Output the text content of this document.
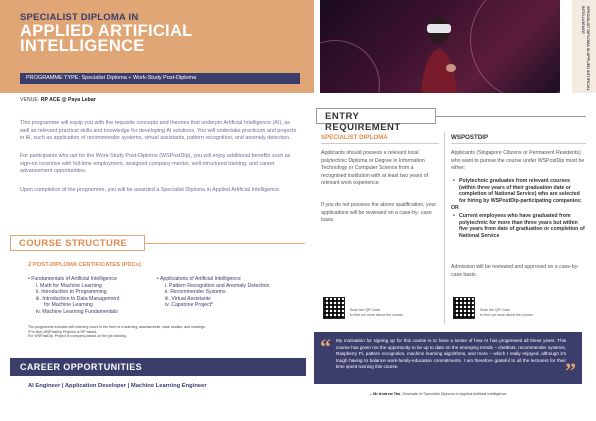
SPECIALIST DIPLOMA IN
APPLIED ARTIFICIAL
INTELLIGENCE
PROGRAMME TYPE: Specialist Diploma + Work-Study Post-Diploma
VENUE: RP ACE @ Paya Lebar

This programme will equip you with the requisite concepts and theories that underpin Artificial Intelligence (AI), as well as relevant practical skills and knowledge for developing AI solutions. You will undertake practicum and projects in AI, such as application of recommender systems, virtual assistants, pattern recognition, and anomaly detection.

For participants who opt for the Work-Study Post-Diploma (WSPostDip), you will enjoy additional benefits such as sign-on incentive with full-time employment, assigned company mentor, well-structured training, and career advancement opportunities.

Upon completion of the programme, you will be awarded a Specialist Diploma in Applied Artificial Intelligence.

COURSE STRUCTURE
2 POST-DIPLOMA CERTIFICATES (PDCs)
• Fundamentals of Artificial Intelligence
i. Math for Machine Learning
ii. Introduction to Programming
iii. Introduction to Data Management
for Machine Learning
iv. Machine Learning Fundamentals
• Applications of Artificial Intelligence
i. Pattern Recognition and Anomaly Detection
ii. Recommender Systems
iii. Virtual Assistants
iv. Capstone Project*
The programme includes self-learning hours in the form of e-learning, assessments, case studies, and readings.
*For Non-WSPostDip Projects is RP based.
For WSPostDip, Project is company-based on the job training.
CAREER OPPORTUNITIES
AI Engineer | Application Developer | Machine Learning Engineer
SPECIALIST DIPLOMA IN APPLIED ARTIFICIAL INTELLIGENCE
ENTRY REQUIREMENT
SPECIALIST DIPLOMA	WSPOSTDIP

Applicants should possess a relevant local polytechnic Diploma or Degree in Information Technology or Computer Science from a recognised institution with at least two years of relevant work experience.

If you do not possess the above qualification, your applications will be reviewed on a case-by- case basis.

Applicants (Singapore Citizens or Permanent Residents) who want to pursue the course under WSPostDip must be either:

• Polytechnic graduates from relevant courses (within three years of their graduation date or completion of National Service) who are selected for hiring by WSPostDip-participating companies;
OR
• Current employees who have graduated from polytechnic for more than three years but within five years from date of graduation or completion of National Service

Admission will be reviewed and approved on a case-by-case basis.

Scan the QR Code
to find out more about the course.
Scan the QR Code
to find out more about the course.
“ My motivation for signing up for this course is to have a sense of how AI has progressed all these years. This course has given me the opportunity to be up to date on the emerging trends – chatbots, recommender systems, Raspberry Pi, pattern recognition, machine learning algorithms, and more – which I really enjoyed, although it's tough having to balance work-family-education commitments. I am therefore grateful to all the lecturers for their time spent running this course.	”
– Mr Andrew Tan, Graduate of Specialist Diploma in Applied Artificial Intelligence
